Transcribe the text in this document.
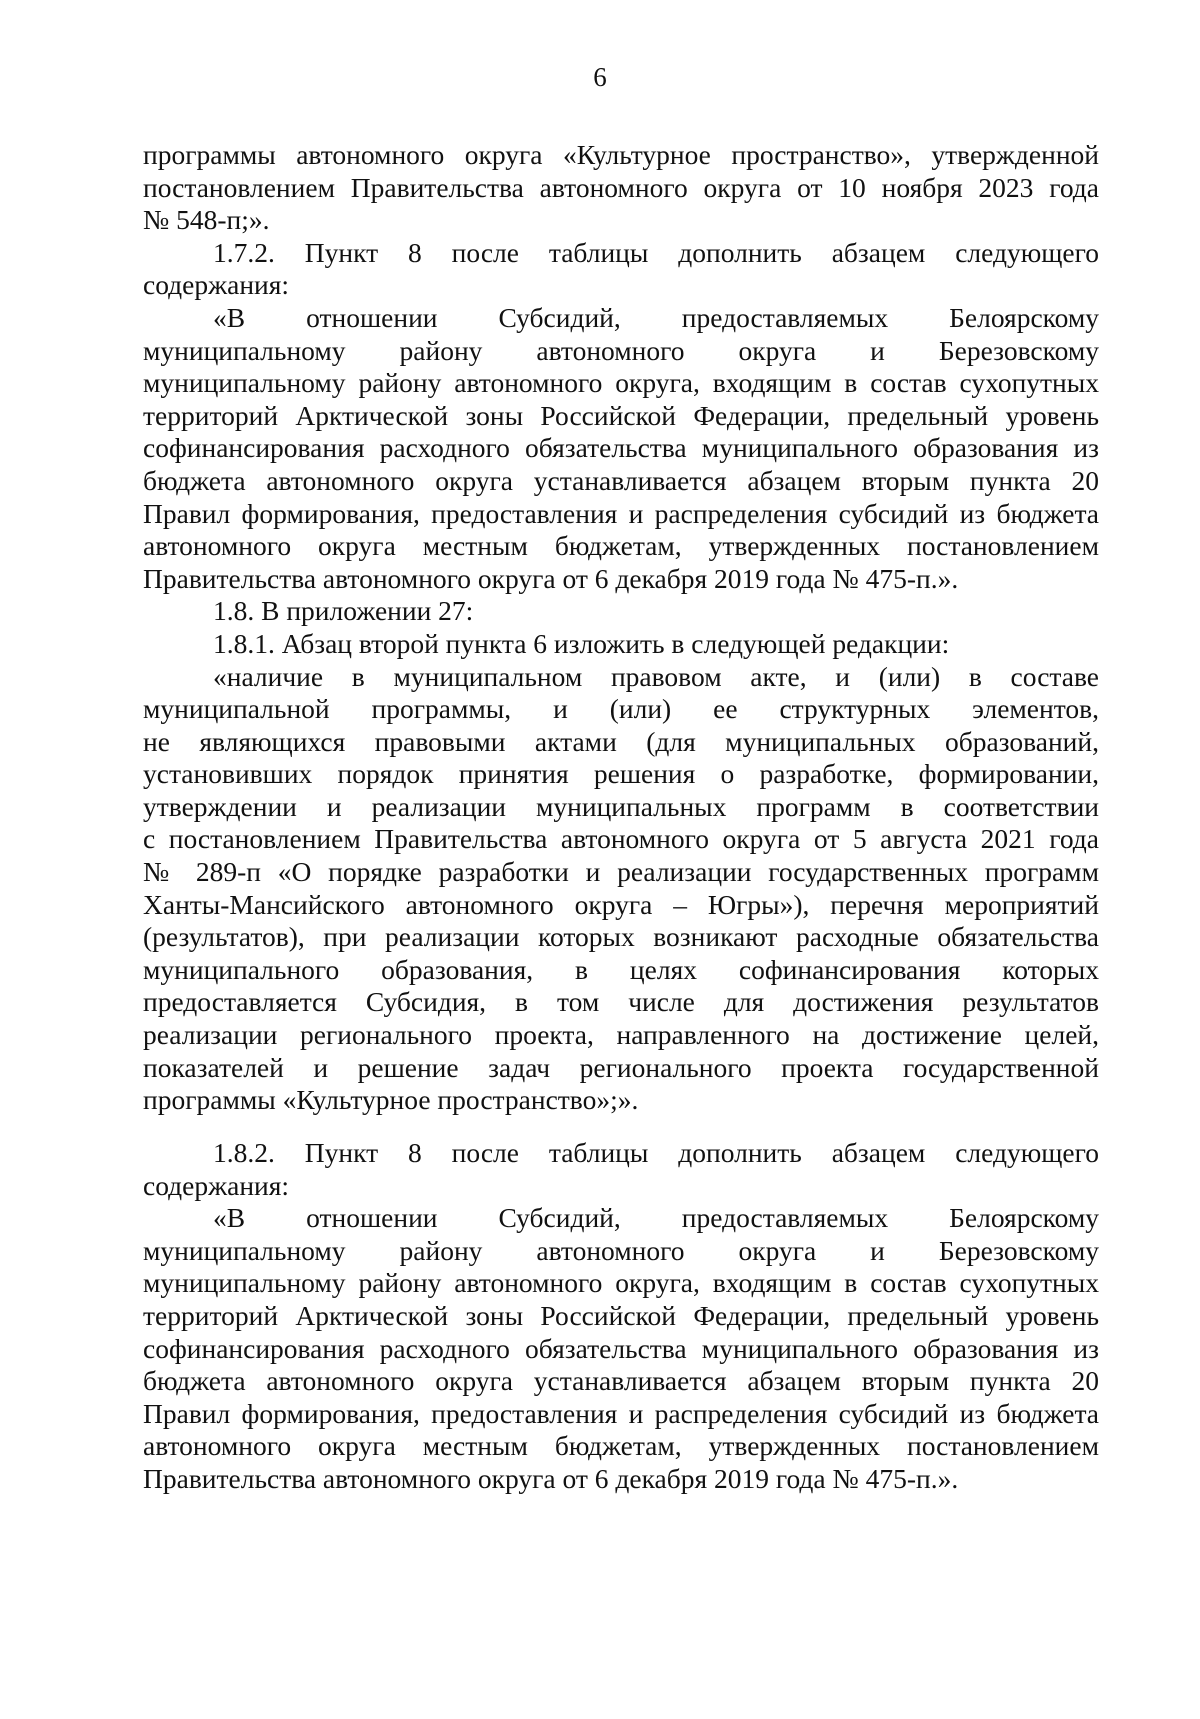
6
программы автономного округа «Культурное пространство», утвержденной
постановлением Правительства автономного округа от 10 ноября 2023 года
№ 548-п;».
1.7.2. Пункт 8 после таблицы дополнить абзацем следующего
содержания:
«В отношении Субсидий, предоставляемых Белоярскому
муниципальному району автономного округа и Березовскому
муниципальному району автономного округа, входящим в состав сухопутных
территорий Арктической зоны Российской Федерации, предельный уровень
софинансирования расходного обязательства муниципального образования из
бюджета автономного округа устанавливается абзацем вторым пункта 20
Правил формирования, предоставления и распределения субсидий из бюджета
автономного округа местным бюджетам, утвержденных постановлением
Правительства автономного округа от 6 декабря 2019 года № 475-п.».
1.8. В приложении 27:
1.8.1. Абзац второй пункта 6 изложить в следующей редакции:
«наличие в муниципальном правовом акте, и (или) в составе
муниципальной программы, и (или) ее структурных элементов,
не являющихся правовыми актами (для муниципальных образований,
установивших порядок принятия решения о разработке, формировании,
утверждении и реализации муниципальных программ в соответствии
с постановлением Правительства автономного округа от 5 августа 2021 года
№ 289-п «О порядке разработки и реализации государственных программ
Ханты-Мансийского автономного округа – Югры»), перечня мероприятий
(результатов), при реализации которых возникают расходные обязательства
муниципального образования, в целях софинансирования которых
предоставляется Субсидия, в том числе для достижения результатов
реализации регионального проекта, направленного на достижение целей,
показателей и решение задач регионального проекта государственной
программы «Культурное пространство»;».
1.8.2. Пункт 8 после таблицы дополнить абзацем следующего
содержания:
«В отношении Субсидий, предоставляемых Белоярскому
муниципальному району автономного округа и Березовскому
муниципальному району автономного округа, входящим в состав сухопутных
территорий Арктической зоны Российской Федерации, предельный уровень
софинансирования расходного обязательства муниципального образования из
бюджета автономного округа устанавливается абзацем вторым пункта 20
Правил формирования, предоставления и распределения субсидий из бюджета
автономного округа местным бюджетам, утвержденных постановлением
Правительства автономного округа от 6 декабря 2019 года № 475-п.».
